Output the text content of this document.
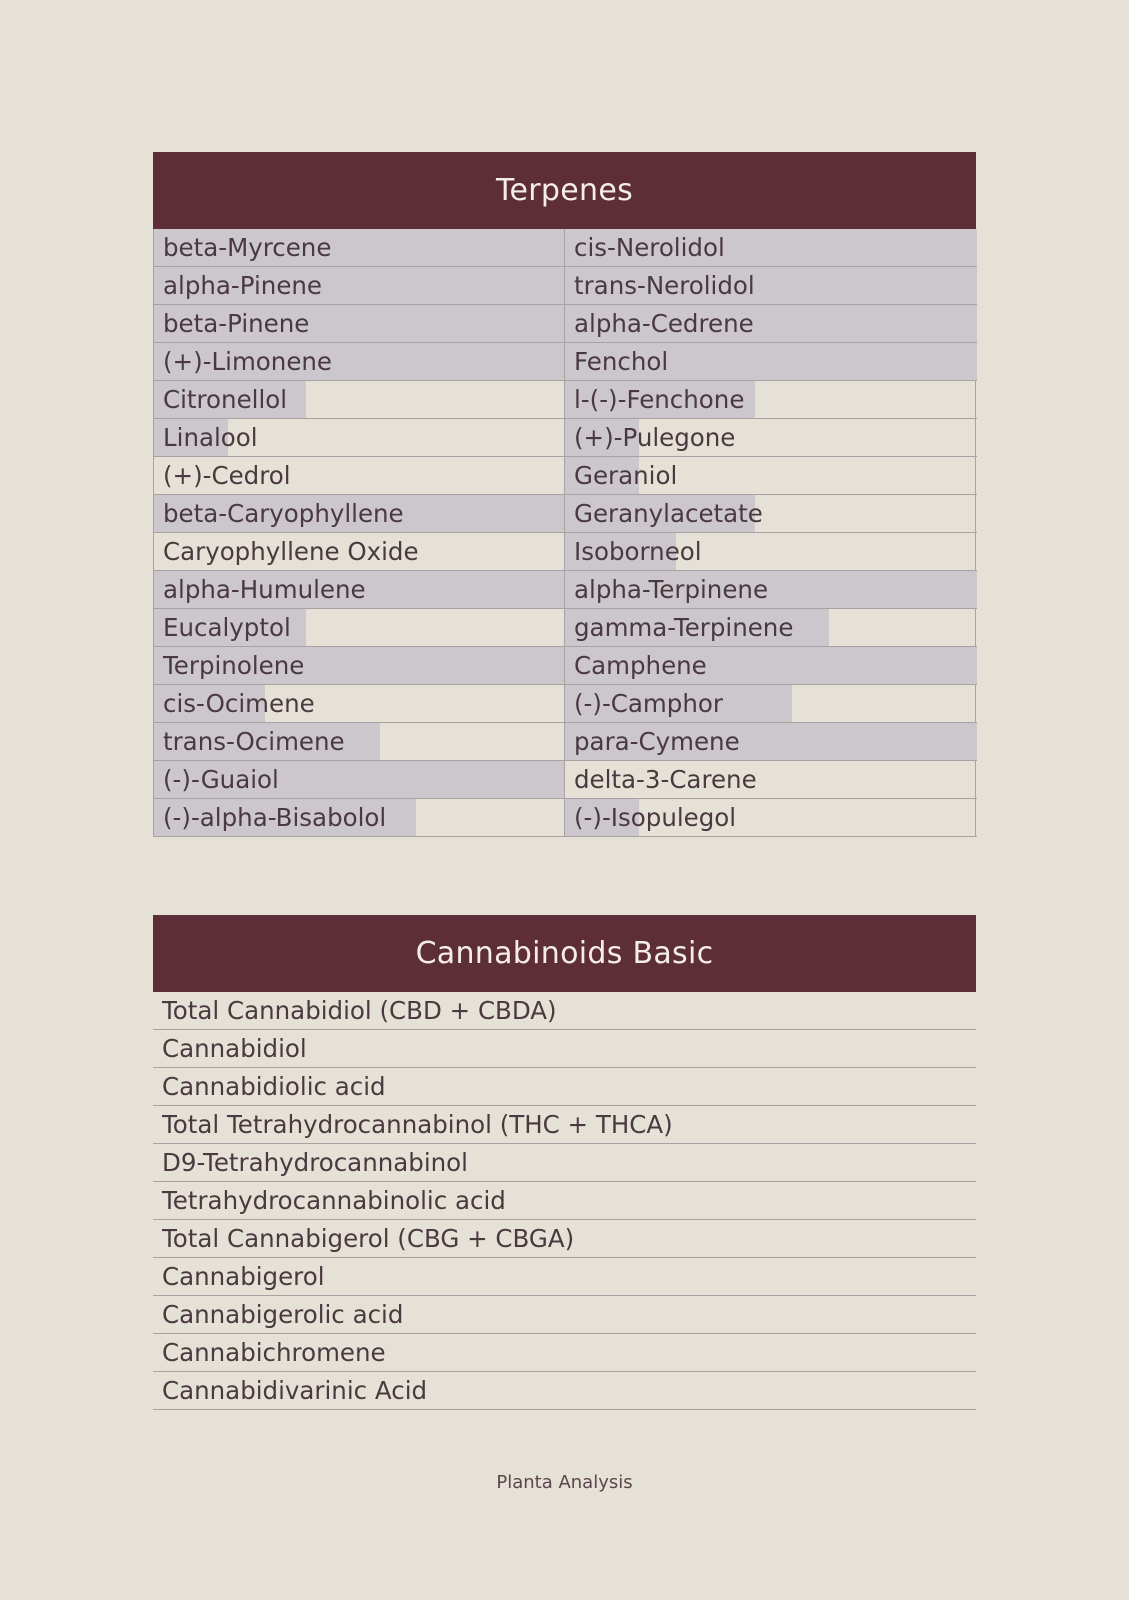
Terpenes
beta-Myrcene	cis-Nerolidol
alpha-Pinene	trans-Nerolidol
beta-Pinene	alpha-Cedrene
(+)-Limonene	Fenchol
Citronellol	l-(-)-Fenchone
Linalool	(+)-Pulegone
(+)-Cedrol	Geraniol
beta-Caryophyllene	Geranylacetate
Caryophyllene Oxide	Isoborneol
alpha-Humulene	alpha-Terpinene
Eucalyptol	gamma-Terpinene
Terpinolene	Camphene
cis-Ocimene	(-)-Camphor
trans-Ocimene	para-Cymene
(-)-Guaiol	delta-3-Carene
(-)-alpha-Bisabolol	(-)-Isopulegol
Cannabinoids Basic
Total Cannabidiol (CBD + CBDA)
Cannabidiol
Cannabidiolic acid
Total Tetrahydrocannabinol (THC + THCA)
D9-Tetrahydrocannabinol
Tetrahydrocannabinolic acid
Total Cannabigerol (CBG + CBGA)
Cannabigerol
Cannabigerolic acid
Cannabichromene
Cannabidivarinic Acid
Planta Analysis
